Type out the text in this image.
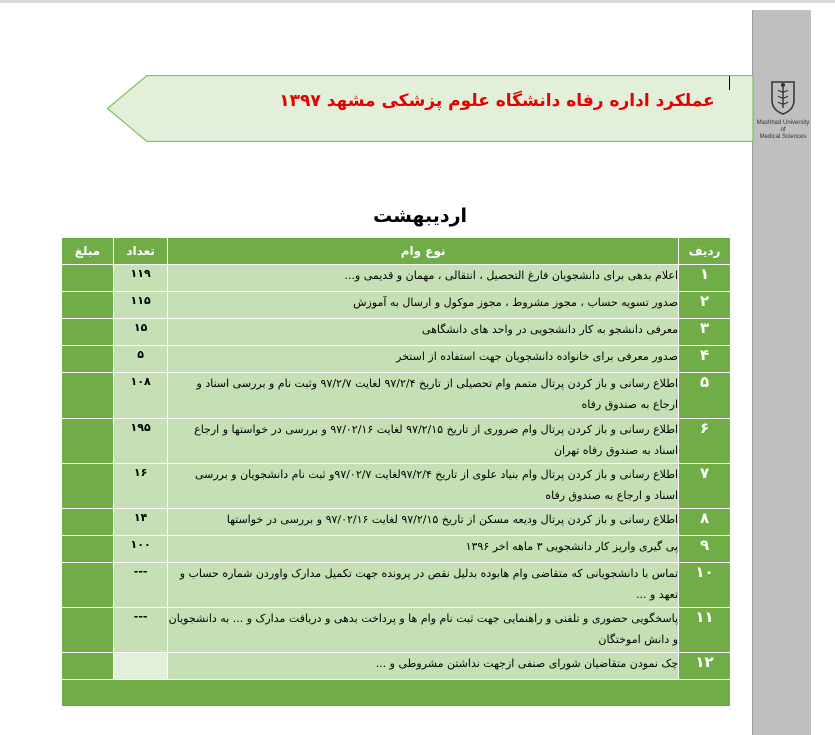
عملکرد اداره رفاه دانشگاه علوم پزشکی مشهد ۱۳۹۷
Mashhad University of
Medical Sciences
اردیبهشت
ردیف	نوع وام	تعداد	مبلغ
۱	اعلام بدهی برای دانشجویان فارغ التحصیل ، انتقالی ، مهمان و قدیمی و...	۱۱۹	
۲	صدور تسویه حساب ، مجوز مشروط ، مجوز موکول و ارسال به آموزش	۱۱۵	
۳	معرفی دانشجو به کار دانشجویی در واحد های دانشگاهی	۱۵	
۴	صدور معرفی برای خانواده دانشجویان جهت استفاده از استخر	۵	
۵	اطلاع رسانی و باز کردن پرتال متمم وام تحصیلی از تاریخ ۹۷/۲/۴ لغایت ۹۷/۲/۷ وثبت نام و بررسی اسناد و ارجاع به صندوق رفاه	۱۰۸	
۶	اطلاع رسانی و باز کردن پرتال وام ضروری از تاریخ ۹۷/۲/۱۵ لغایت ۹۷/۰۲/۱۶ و بررسی در خواستها و ارجاع اسناد به صندوق رفاه تهران	۱۹۵	
۷	اطلاع رسانی و باز کردن پرتال وام بنیاد علوی از تاریخ ۹۷/۲/۴لغایت ۹۷/۰۲/۷و ثبت نام دانشجویان و بررسی اسناد و ارجاع به صندوق رفاه	۱۶	
۸	اطلاع رسانی و باز کردن پرتال ودیعه مسکن از تاریخ ۹۷/۲/۱۵ لغایت ۹۷/۰۲/۱۶ و بررسی در خواستها	۱۴	
۹	پی گیری واریز کار دانشجویی ۳ ماهه اخر ۱۳۹۶	۱۰۰	
۱۰	تماس با دانشجویانی که متقاضی وام هابوده بدلیل نقص در پرونده جهت تکمیل مدارک واوردن شماره حساب و تعهد و ...	---	
۱۱	پاسخگویی حضوری و تلفنی و راهنمایی جهت ثبت نام وام ها و پرداخت بدهی و دریافت مدارک و ... به دانشجویان و دانش اموختگان	---	
۱۲	چک نمودن متقاضیان شورای صنفی ازجهت نداشتن مشروطی و ...		
